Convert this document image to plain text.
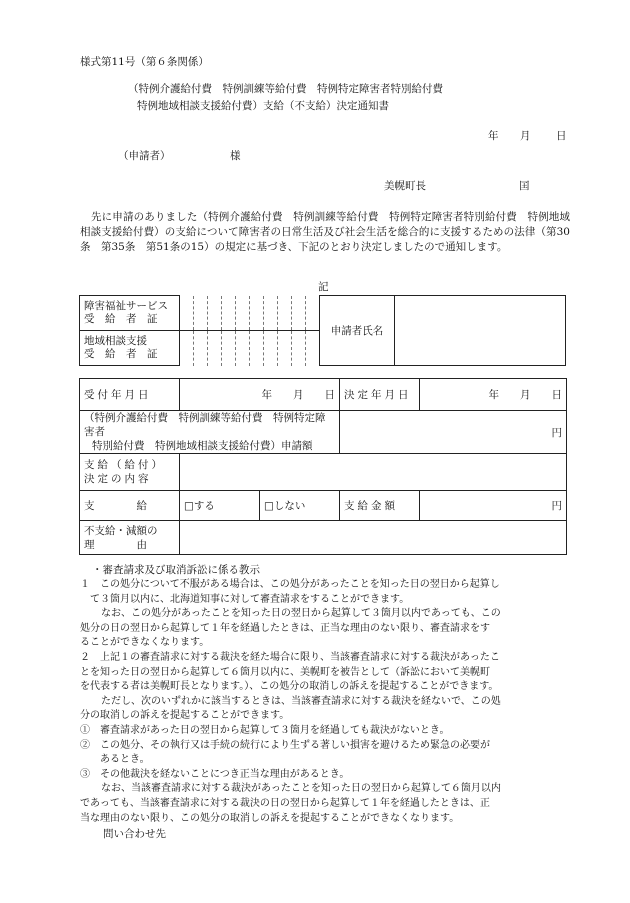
様式第11号（第６条関係）
（特例介護給付費　特例訓練等給付費　特例特定障害者特別給付費
特例地域相談支援給付費）支給（不支給）決定通知書
年 月 日
（申請者）	様
美幌町長	囯
先に申請のありました（特例介護給付費　特例訓練等給付費　特例特定障害者特別給付費　特例地域相談支援給付費）の支給について障害者の日常生活及び社会生活を総合的に支援するための法律（第30条　第35条　第51条の15）の規定に基づき、下記のとおり決定しましたので通知します。
記
障害福祉サービス
受　給　者　証											申請者氏名	

地域相談支援
受　給　者　証												

受付年月日	年　　月　　日		決定年月日	年　　月　　日

（特例介護給付費　特例訓練等給付費　特例特定障害者
特別給付費　特例地域相談支援給付費）申請額			円	

支給（給付）
決定の内容				

支　　　　給	□する	□しない	支給金額	円

不支給・減額の
理　　　　由				

・審査請求及び取消訴訟に係る教示
１　この処分について不服がある場合は、この処分があったことを知った日の翌日から起算し
　て３箇月以内に、北海道知事に対して審査請求をすることができます。
　なお、この処分があったことを知った日の翌日から起算して３箇月以内であっても、この
処分の日の翌日から起算して１年を経過したときは、正当な理由のない限り、審査請求をす
ることができなくなります。
２　上記１の審査請求に対する裁決を経た場合に限り、当該審査請求に対する裁決があったこ
とを知った日の翌日から起算して６箇月以内に、美幌町を被告として（訴訟において美幌町
を代表する者は美幌町長となります。）、この処分の取消しの訴えを提起することができます。
　ただし、次のいずれかに該当するときは、当該審査請求に対する裁決を経ないで、この処
分の取消しの訴えを提起することができます。
①　審査請求があった日の翌日から起算して３箇月を経過しても裁決がないとき。
②　この処分、その執行又は手続の続行により生ずる著しい損害を避けるため緊急の必要が
　　あるとき。
③　その他裁決を経ないことにつき正当な理由があるとき。
　なお、当該審査請求に対する裁決があったことを知った日の翌日から起算して６箇月以内
であっても、当該審査請求に対する裁決の日の翌日から起算して１年を経過したときは、正
当な理由のない限り、この処分の取消しの訴えを提起することができなくなります。
問い合わせ先
